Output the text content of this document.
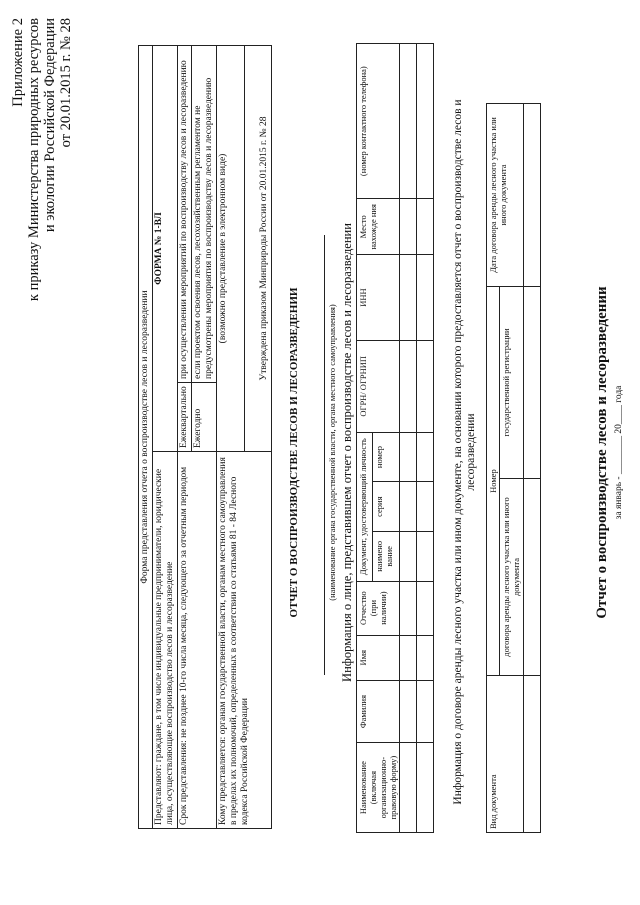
Приложение 2 к приказу Министерства природных ресурсов и экологии Российской Федерации от 20.01.2015 г. № 28
Форма представления отчета о воспроизводстве лесов и лесоразведении		
Представляют: граждане, в том числе индивидуальные предприниматели, юридические лица, осуществляющие воспроизводство лесов и лесоразведение	ФОРМА № 1-ВЛ	
Срок представления: не позднее 10-го числа месяца, следующего за отчетным периодом	Ежеквартально	при осуществлении мероприятий по воспроизводству лесов и лесоразведению
	Ежегодно	если проектом освоения лесов, лесохозяйственным регламентом не предусмотрены мероприятия по воспроизводству лесов и лесоразведению
Кому представляется: органам государственной власти, органам местного самоуправления в пределах их полномочий, определенных в соответствии со статьями 81 - 84 Лесного кодекса Российской Федерации	(возможно представление в электронном виде)	
	Утверждена приказом Минприроды России от 20.01.2015 г. № 28	
ОТЧЕТ О ВОСПРОИЗВОДСТВЕ ЛЕСОВ И ЛЕСОРАЗВЕДЕНИИ	(наименование органа государственной власти, органа местного самоуправления) Информация о лице, представившем отчет о воспроизводстве лесов и лесоразведении
Наименование (включая организационно-правовую форму)	Фамилия	Имя	Отчество (при наличии)	Документ, удостоверяющий личность			ОГРН/ ОГРНИП	ИНН	Место нахожде ния	(номер контактного телефона)
				наимено вание	серия	номер				

											Информация о договоре аренды лесного участка или ином документе, на основании которого предоставляется отчет о воспроизводстве лесов и лесоразведении
Вид документа	Номер		Дата договора аренды лесного участка или иного документа
	договора аренды лесного участка или иного документа	государственной регистрации	
				Отчет о воспроизводстве лесов и лесоразведении за январь - ________ 20____ года
